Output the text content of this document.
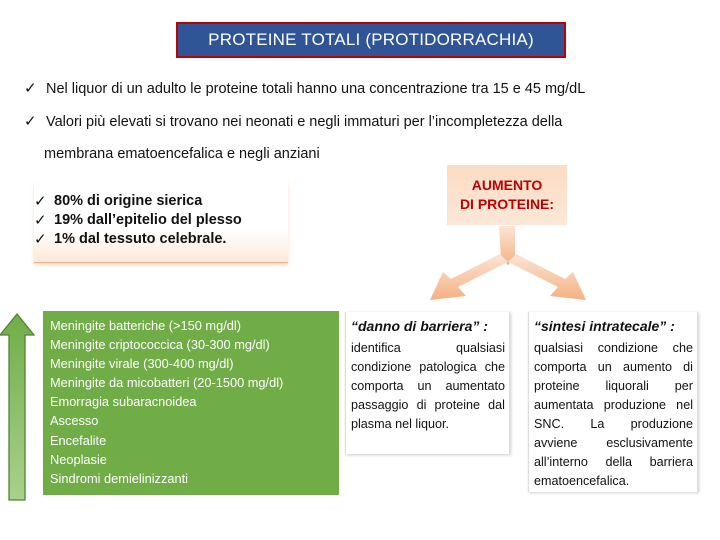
PROTEINE TOTALI (PROTIDORRACHIA)
✓ Nel liquor di un adulto le proteine totali hanno una concentrazione tra 15 e 45 mg/dL
✓ Valori più elevati si trovano nei neonati e negli immaturi per l’incompletezza della
membrana ematoencefalica e negli anziani
✓ 80% di origine sierica
✓ 19% dall’epitelio del plesso
✓ 1% dal tessuto celebrale.
AUMENTO
DI PROTEINE:
Meningite batteriche (>150 mg/dl)
Meningite criptococcica (30-300 mg/dl)
Meningite virale (300-400 mg/dl)
Meningite da micobatteri (20-1500 mg/dl)
Emorragia subaracnoidea
Ascesso
Encefalite
Neoplasie
Sindromi demielinizzanti
“danno di barriera” :
identifica qualsiasi condizione patologica che comporta un aumentato passaggio di proteine dal plasma nel liquor.
“sintesi intratecale” :
qualsiasi condizione che comporta un aumento di proteine liquorali per aumentata produzione nel SNC. La produzione avviene esclusivamente all’interno della barriera ematoencefalica.
